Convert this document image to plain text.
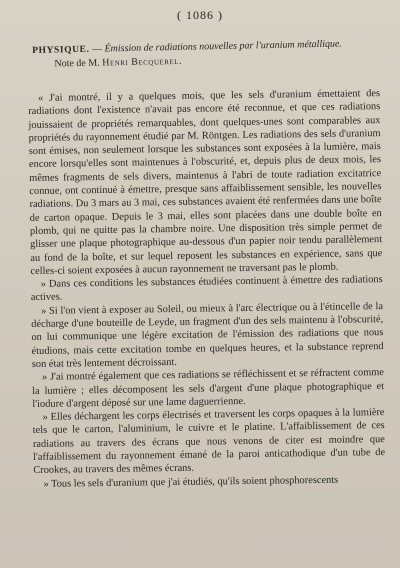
( 1086 )
PHYSIQUE. — Émission de radiations nouvelles par l'uranium métallique.
Note de M. Henri Becquerel.

« J'ai montré, il y a quelques mois, que les sels d'uranium émettaient des radiations dont l'existence n'avait pas encore été reconnue, et que ces radiations jouissaient de propriétés remarquables, dont quelques-unes sont comparables aux propriétés du rayonnement étudié par M. Röntgen. Les radiations des sels d'uranium sont émises, non seulement lorsque les substances sont exposées à la lumière, mais encore lorsqu'elles sont maintenues à l'obscurité, et, depuis plus de deux mois, les mêmes fragments de sels divers, maintenus à l'abri de toute radiation excitatrice connue, ont continué à émettre, presque sans affaiblissement sensible, les nouvelles radiations. Du 3 mars au 3 mai, ces substances avaient été renfermées dans une boîte de carton opaque. Depuis le 3 mai, elles sont placées dans une double boîte en plomb, qui ne quitte pas la chambre noire. Une disposition très simple permet de glisser une plaque photographique au-dessous d'un papier noir tendu parallèlement au fond de la boîte, et sur lequel reposent les substances en expérience, sans que celles-ci soient exposées à aucun rayonnement ne traversant pas le plomb.

» Dans ces conditions les substances étudiées continuent à émettre des radiations actives.

» Si l'on vient à exposer au Soleil, ou mieux à l'arc électrique ou à l'étincelle de la décharge d'une bouteille de Leyde, un fragment d'un des sels maintenu à l'obscurité, on lui communique une légère excitation de l'émission des radiations que nous étudions, mais cette excitation tombe en quelques heures, et la substance reprend son état très lentement décroissant.

» J'ai montré également que ces radiations se réfléchissent et se réfractent comme la lumière ; elles décomposent les sels d'argent d'une plaque photographique et l'iodure d'argent déposé sur une lame daguerrienne.

» Elles déchargent les corps électrisés et traversent les corps opaques à la lumière tels que le carton, l'aluminium, le cuivre et le platine. L'affaiblissement de ces radiations au travers des écrans que nous venons de citer est moindre que l'affaiblissement du rayonnement émané de la paroi anticathodique d'un tube de Crookes, au travers des mêmes écrans.

» Tous les sels d'uranium que j'ai étudiés, qu'ils soient phosphorescents
